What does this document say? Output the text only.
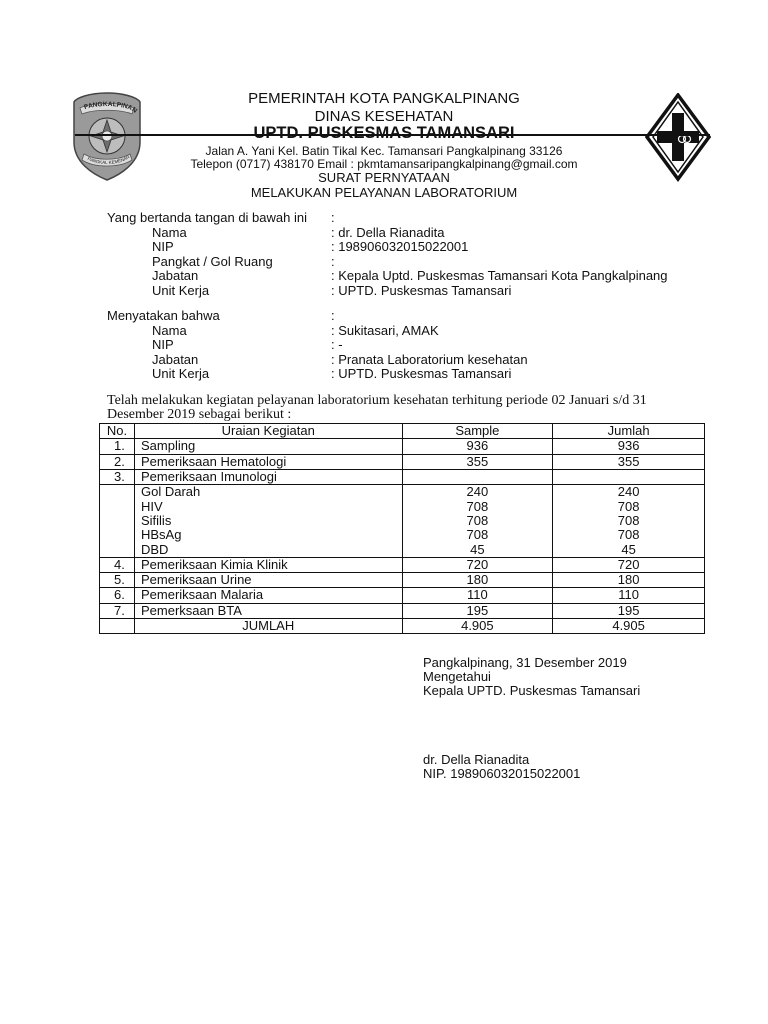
PANGKALPINAN
PANGKAL KEMENAN
PEMERINTAH KOTA PANGKALPINANG
DINAS KESEHATAN
UPTD. PUSKESMAS TAMANSARI
Jalan A. Yani Kel. Batin Tikal Kec. Tamansari Pangkalpinang 33126
Telepon (0717) 438170 Email : pkmtamansaripangkalpinang@gmail.com
SURAT PERNYATAAN
MELAKUKAN PELAYANAN LABORATORIUM
Yang bertanda tangan di bawah ini :
Nama	: dr. Della Rianadita
NIP	: 198906032015022001
Pangkat / Gol Ruang	:
Jabatan	: Kepala Uptd. Puskesmas Tamansari Kota Pangkalpinang
Unit Kerja	: UPTD. Puskesmas Tamansari
Menyatakan bahwa	:
Nama	: Sukitasari, AMAK
NIP	: -
Jabatan	: Pranata Laboratorium kesehatan
Unit Kerja	: UPTD. Puskesmas Tamansari
Telah melakukan kegiatan pelayanan laboratorium kesehatan terhitung periode 02 Januari s/d 31
Desember 2019 sebagai berikut :
No.	Uraian Kegiatan	Sample	Jumlah
1.	Sampling	936	936
2.	Pemeriksaan Hematologi	355	355
3.	Pemeriksaan Imunologi		
	Gol Darah	240	240
	HIV	708	708
	Sifilis	708	708
	HBsAg	708	708
	DBD	45	45
4.	Pemeriksaan Kimia Klinik	720	720
5.	Pemeriksaan Urine	180	180
6.	Pemeriksaan Malaria	110	110
7.	Pemerksaan BTA	195	195
	JUMLAH	4.905	4.905
Pangkalpinang, 31 Desember 2019
Mengetahui
Kepala UPTD. Puskesmas Tamansari
dr. Della Rianadita
NIP. 198906032015022001
